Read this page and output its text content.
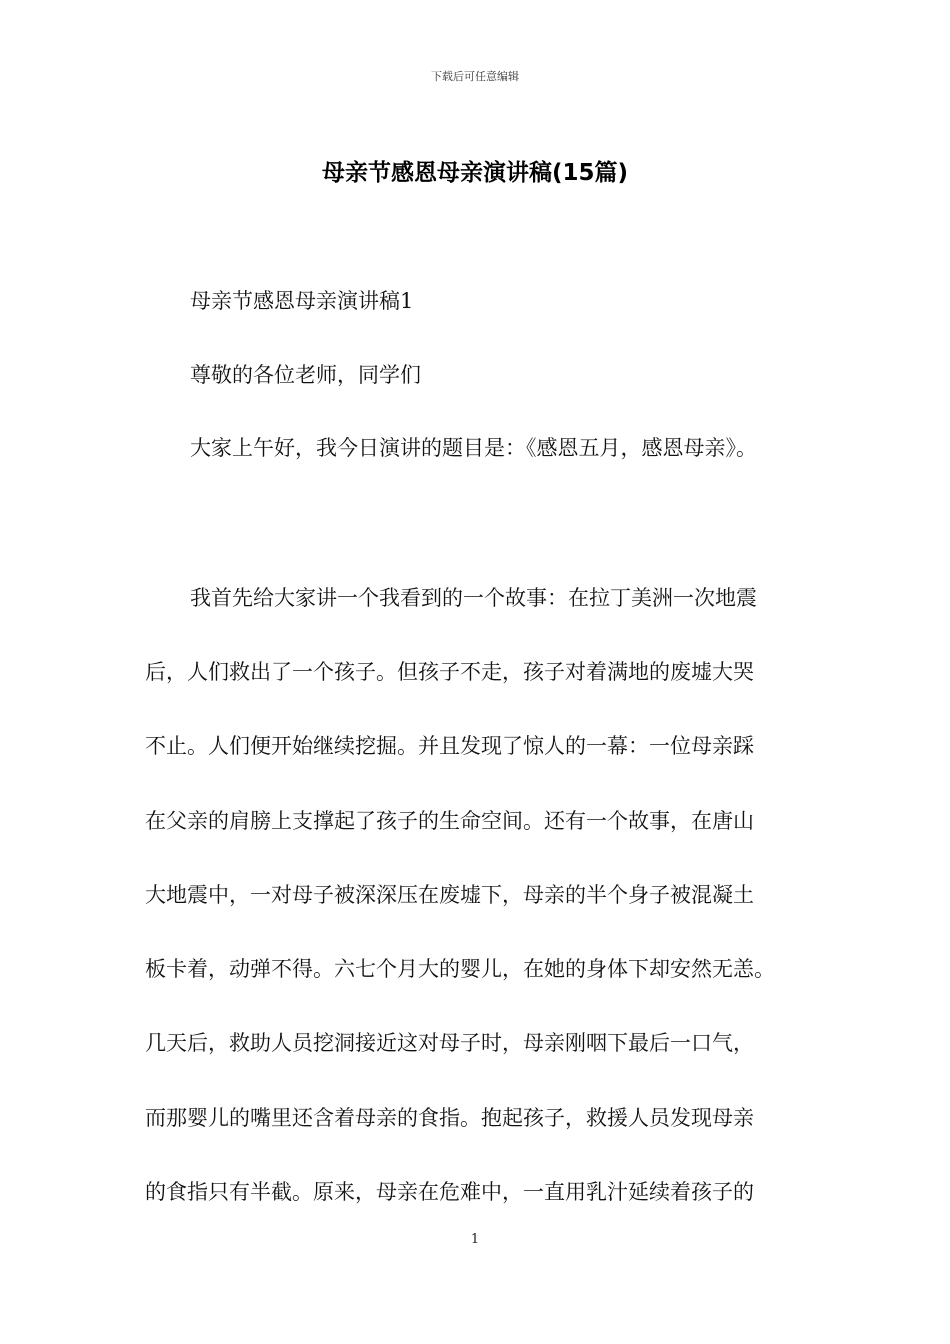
下载后可任意编辑
母亲节感恩母亲演讲稿(15篇)
母亲节感恩母亲演讲稿1
尊敬的各位老师，同学们
大家上午好，我今日演讲的题目是：《感恩五月，感恩母亲》。
我首先给大家讲一个我看到的一个故事：在拉丁美洲一次地震
后，人们救出了一个孩子。但孩子不走，孩子对着满地的废墟大哭
不止。人们便开始继续挖掘。并且发现了惊人的一幕：一位母亲踩
在父亲的肩膀上支撑起了孩子的生命空间。还有一个故事，在唐山
大地震中，一对母子被深深压在废墟下，母亲的半个身子被混凝土
板卡着，动弹不得。六七个月大的婴儿，在她的身体下却安然无恙。
几天后，救助人员挖洞接近这对母子时，母亲刚咽下最后一口气，
而那婴儿的嘴里还含着母亲的食指。抱起孩子，救援人员发现母亲
的食指只有半截。原来，母亲在危难中，一直用乳汁延续着孩子的
1
